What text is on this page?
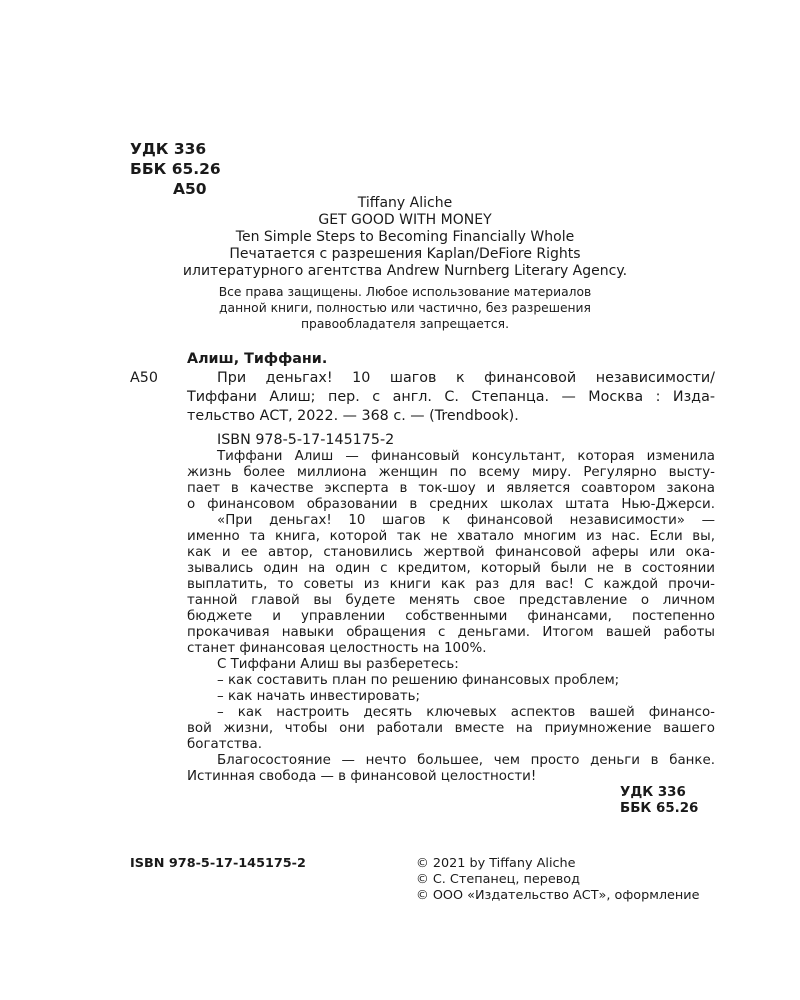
УДК 336
ББК 65.26
А50
Tiffany Aliche
GET GOOD WITH MONEY
Ten Simple Steps to Becoming Financially Whole
Печатается с разрешения Kaplan/DeFiore Rights
илитературного агентства Andrew Nurnberg Literary Agency.
Все права защищены. Любое использование материалов
данной книги, полностью или частично, без разрешения
правообладателя запрещается.
Алиш, Тиффани.
А50	При деньгах! 10 шагов к финансовой независимости/
Тиффани Алиш; пер. с англ. С. Степанца. — Москва : Изда-
тельство АСТ, 2022. — 368 с. — (Trendbook).
ISBN 978-5-17-145175-2
Тиффани Алиш — финансовый консультант, которая изменила
жизнь более миллиона женщин по всему миру. Регулярно высту-
пает в качестве эксперта в ток-шоу и является соавтором закона
о финансовом образовании в средних школах штата Нью-Джерси.
«При деньгах! 10 шагов к финансовой независимости» —
именно та книга, которой так не хватало многим из нас. Если вы,
как и ее автор, становились жертвой финансовой аферы или ока-
зывались один на один с кредитом, который были не в состоянии
выплатить, то советы из книги как раз для вас! С каждой прочи-
танной главой вы будете менять свое представление о личном
бюджете и управлении собственными финансами, постепенно
прокачивая навыки обращения с деньгами. Итогом вашей работы
станет финансовая целостность на 100%.
С Тиффани Алиш вы разберетесь:
– как составить план по решению финансовых проблем;
– как начать инвестировать;
– как настроить десять ключевых аспектов вашей финансо-
вой жизни, чтобы они работали вместе на приумножение вашего
богатства.
Благосостояние — нечто большее, чем просто деньги в банке.
Истинная свобода — в финансовой целостности!
УДК 336
ББК 65.26
ISBN 978-5-17-145175-2	© 2021 by Tiffany Aliche
© С. Степанец, перевод
© ООО «Издательство АСТ», оформление
